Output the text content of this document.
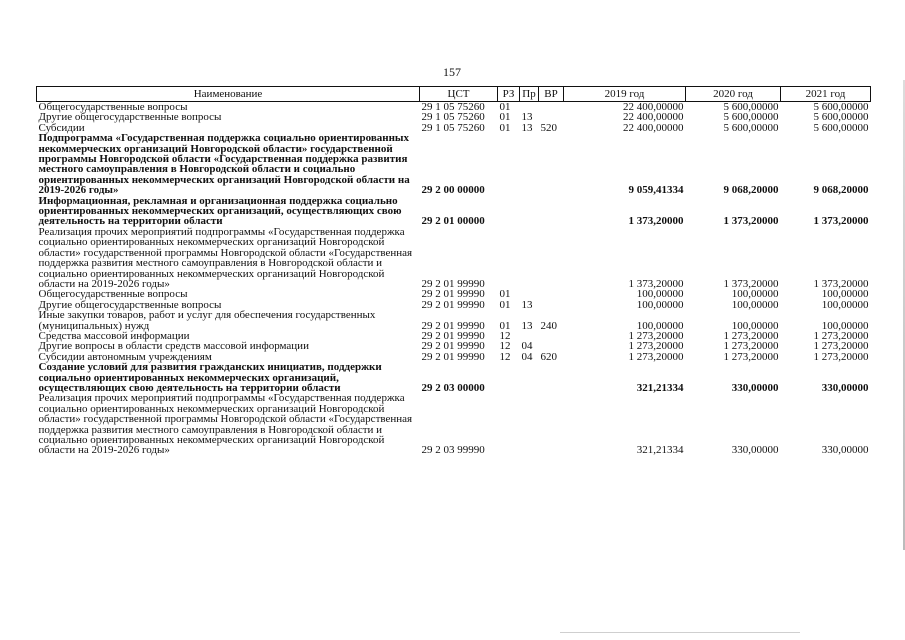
157
Наименование	ЦСТ	РЗ	Пр	ВР	2019 год	2020 год	2021 год
Общегосударственные вопросы	29 1 05 75260	01			22 400,00000	5 600,00000	5 600,00000
Другие общегосударственные вопросы	29 1 05 75260	01	13		22 400,00000	5 600,00000	5 600,00000
Субсидии	29 1 05 75260	01	13	520	22 400,00000	5 600,00000	5 600,00000
Подпрограмма «Государственная поддержка социально ориентированных некоммерческих организаций Новгородской области» государственной программы Новгородской области «Государственная поддержка развития местного самоуправления в Новгородской области и социально ориентированных некоммерческих организаций Новгородской области на 2019-2026 годы»	29 2 00 00000				9 059,41334	9 068,20000	9 068,20000
Информационная, рекламная и организационная поддержка социально ориентированных некоммерческих организаций, осуществляющих свою деятельность на территории области	29 2 01 00000				1 373,20000	1 373,20000	1 373,20000
Реализация прочих мероприятий подпрограммы «Государственная поддержка социально ориентированных некоммерческих организаций Новгородской области» государственной программы Новгородской области «Государственная поддержка развития местного самоуправления в Новгородской области и социально ориентированных некоммерческих организаций Новгородской области на 2019-2026 годы»	29 2 01 99990				1 373,20000	1 373,20000	1 373,20000
Общегосударственные вопросы	29 2 01 99990	01			100,00000	100,00000	100,00000
Другие общегосударственные вопросы	29 2 01 99990	01	13		100,00000	100,00000	100,00000
Иные закупки товаров, работ и услуг для обеспечения государственных (муниципальных) нужд	29 2 01 99990	01	13	240	100,00000	100,00000	100,00000
Средства массовой информации	29 2 01 99990	12			1 273,20000	1 273,20000	1 273,20000
Другие вопросы в области средств массовой информации	29 2 01 99990	12	04		1 273,20000	1 273,20000	1 273,20000
Субсидии автономным учреждениям	29 2 01 99990	12	04	620	1 273,20000	1 273,20000	1 273,20000
Создание условий для развития гражданских инициатив, поддержки социально ориентированных некоммерческих организаций, осуществляющих свою деятельность на территории области	29 2 03 00000				321,21334	330,00000	330,00000
Реализация прочих мероприятий подпрограммы «Государственная поддержка социально ориентированных некоммерческих организаций Новгородской области» государственной программы Новгородской области «Государственная поддержка развития местного самоуправления в Новгородской области и социально ориентированных некоммерческих организаций Новгородской области на 2019-2026 годы»	29 2 03 99990				321,21334	330,00000	330,00000
